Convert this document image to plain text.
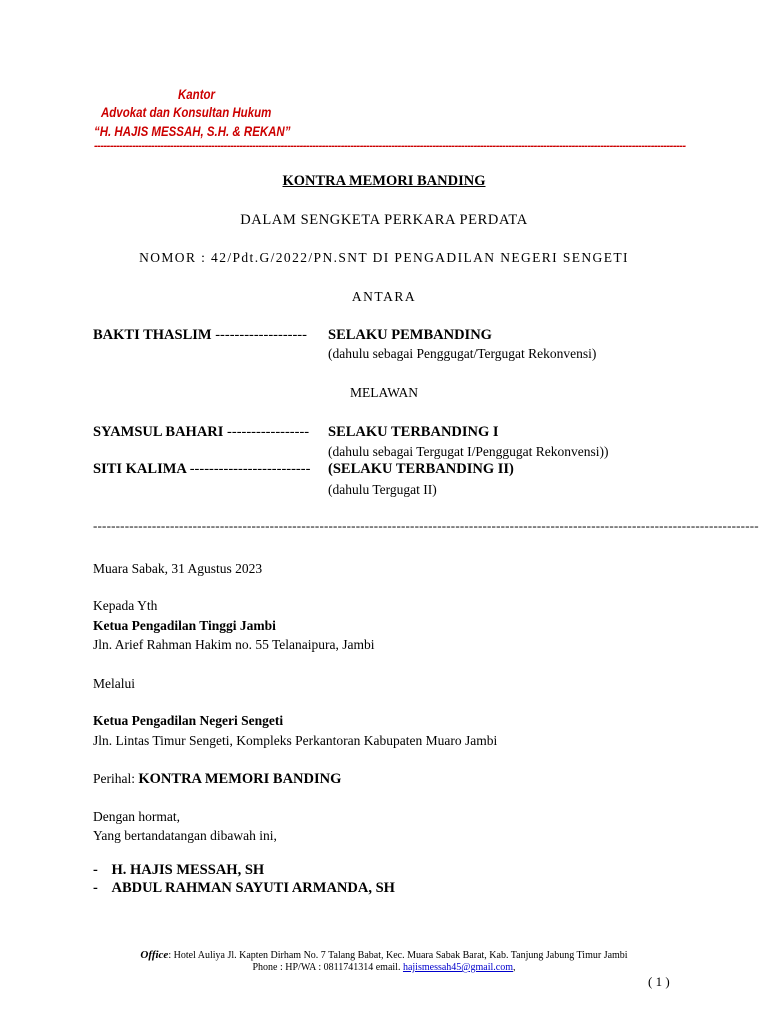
Kantor
Advokat dan Konsultan Hukum
“H. HAJIS MESSAH, S.H. & REKAN”
-------------------------------------------------------------------------------------------------------------------------------------------------------------------------------------------
KONTRA MEMORI BANDING
DALAM SENGKETA PERKARA PERDATA
NOMOR : 42/Pdt.G/2022/PN.SNT DI PENGADILAN NEGERI SENGETI
ANTARA
BAKTI THASLIM ------------------- SELAKU PEMBANDING
(dahulu sebagai Penggugat/Tergugat Rekonvensi)
MELAWAN
SYAMSUL BAHARI ----------------- SELAKU TERBANDING I
(dahulu sebagai Tergugat I/Penggugat Rekonvensi))
SITI KALIMA ------------------------- (SELAKU TERBANDING II)
(dahulu Tergugat II)
---------------------------------------------------------------------------------------------------------------------------------------------------
Muara Sabak, 31 Agustus 2023
Kepada Yth
Ketua Pengadilan Tinggi Jambi
Jln. Arief Rahman Hakim no. 55 Telanaipura, Jambi
Melalui
Ketua Pengadilan Negeri Sengeti
Jln. Lintas Timur Sengeti, Kompleks Perkantoran Kabupaten Muaro Jambi
Perihal: KONTRA MEMORI BANDING
Dengan hormat,
Yang bertandatangan dibawah ini,
- H. HAJIS MESSAH, SH
- ABDUL RAHMAN SAYUTI ARMANDA, SH
Office: Hotel Auliya Jl. Kapten Dirham No. 7 Talang Babat, Kec. Muara Sabak Barat, Kab. Tanjung Jabung Timur Jambi
Phone : HP/WA : 0811741314 email. hajismessah45@gmail.com,
( 1 )
